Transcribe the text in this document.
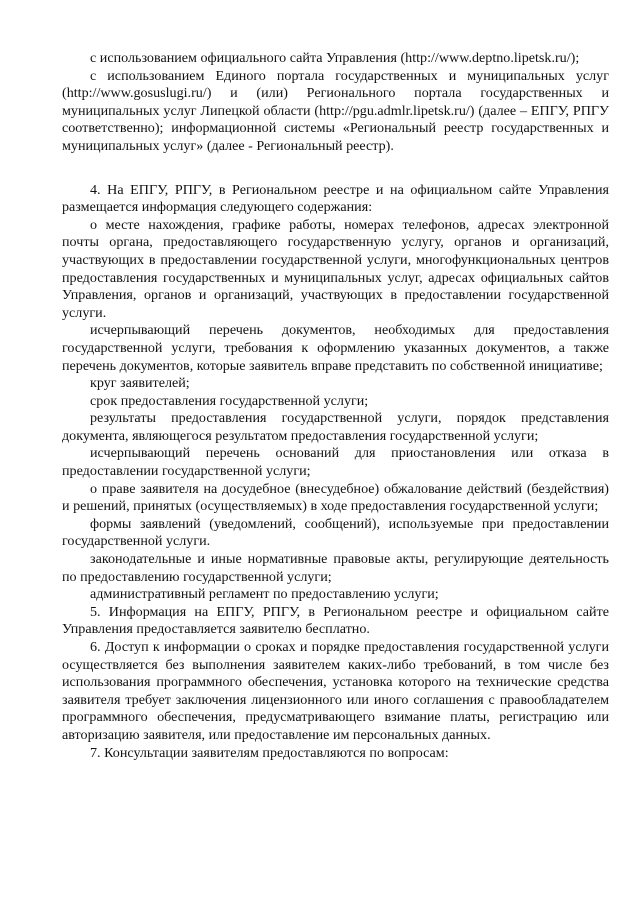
с использованием официального сайта Управления (http://www.deptno.lipetsk.ru/);

с использованием Единого портала государственных и муниципальных услуг (http://www.gosuslugi.ru/) и (или) Регионального портала государственных и муниципальных услуг Липецкой области (http://pgu.admlr.lipetsk.ru/) (далее – ЕПГУ, РПГУ соответственно); информационной системы «Региональный реестр государственных и муниципальных услуг» (далее - Региональный реестр).

4. На ЕПГУ, РПГУ, в Региональном реестре и на официальном сайте Управления размещается информация следующего содержания:

о месте нахождения, графике работы, номерах телефонов, адресах электронной почты органа, предоставляющего государственную услугу, органов и организаций, участвующих в предоставлении государственной услуги, многофункциональных центров предоставления государственных и муниципальных услуг, адресах официальных сайтов Управления, органов и организаций, участвующих в предоставлении государственной услуги.

исчерпывающий перечень документов, необходимых для предоставления государственной услуги, требования к оформлению указанных документов, а также перечень документов, которые заявитель вправе представить по собственной инициативе;

круг заявителей;

срок предоставления государственной услуги;

результаты предоставления государственной услуги, порядок представления документа, являющегося результатом предоставления государственной услуги;

исчерпывающий перечень оснований для приостановления или отказа в предоставлении государственной услуги;

о праве заявителя на досудебное (внесудебное) обжалование действий (бездействия) и решений, принятых (осуществляемых) в ходе предоставления государственной услуги;

формы заявлений (уведомлений, сообщений), используемые при предоставлении государственной услуги.

законодательные и иные нормативные правовые акты, регулирующие деятельность по предоставлению государственной услуги;

административный регламент по предоставлению услуги;

5. Информация на ЕПГУ, РПГУ, в Региональном реестре и официальном сайте Управления предоставляется заявителю бесплатно.

6. Доступ к информации о сроках и порядке предоставления государственной услуги осуществляется без выполнения заявителем каких-либо требований, в том числе без использования программного обеспечения, установка которого на технические средства заявителя требует заключения лицензионного или иного соглашения с правообладателем программного обеспечения, предусматривающего взимание платы, регистрацию или авторизацию заявителя, или предоставление им персональных данных.

7. Консультации заявителям предоставляются по вопросам:
